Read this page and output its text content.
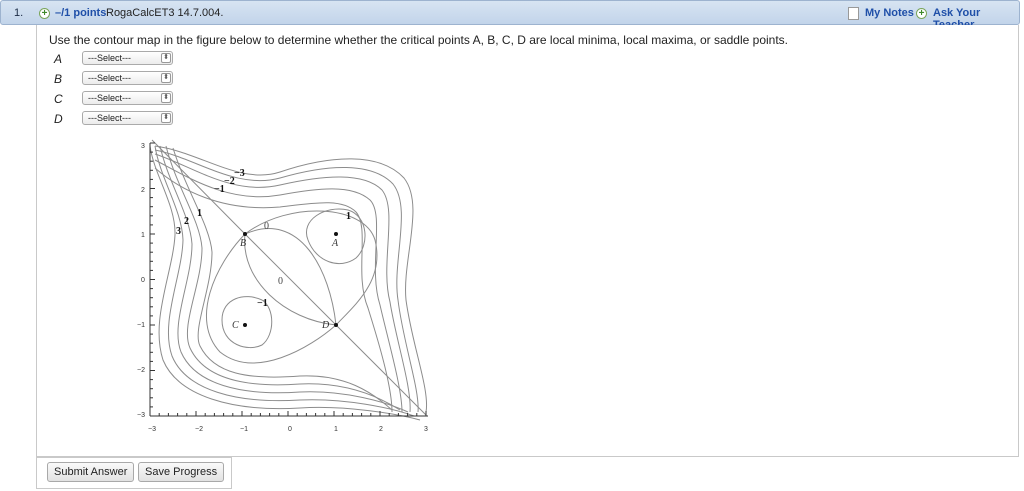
1. + –/1 points RogaCalcET3 14.7.004.	My Notes + Ask Your
Use the contour map in the figure below to determine whether the critical points A, B, C, D are local minima, local maxima, or saddle points.
A	---Select---	⬍
B	---Select---	⬍
C	---Select---	⬍
D	---Select---	⬍
3
2
1
0
−1
−2
−3
−3	−2	−1	0	1	2	3
−3
−2
−1
3
2
1
0
1
0
−1
A
B
C	D
Submit Answer	Save Progress
